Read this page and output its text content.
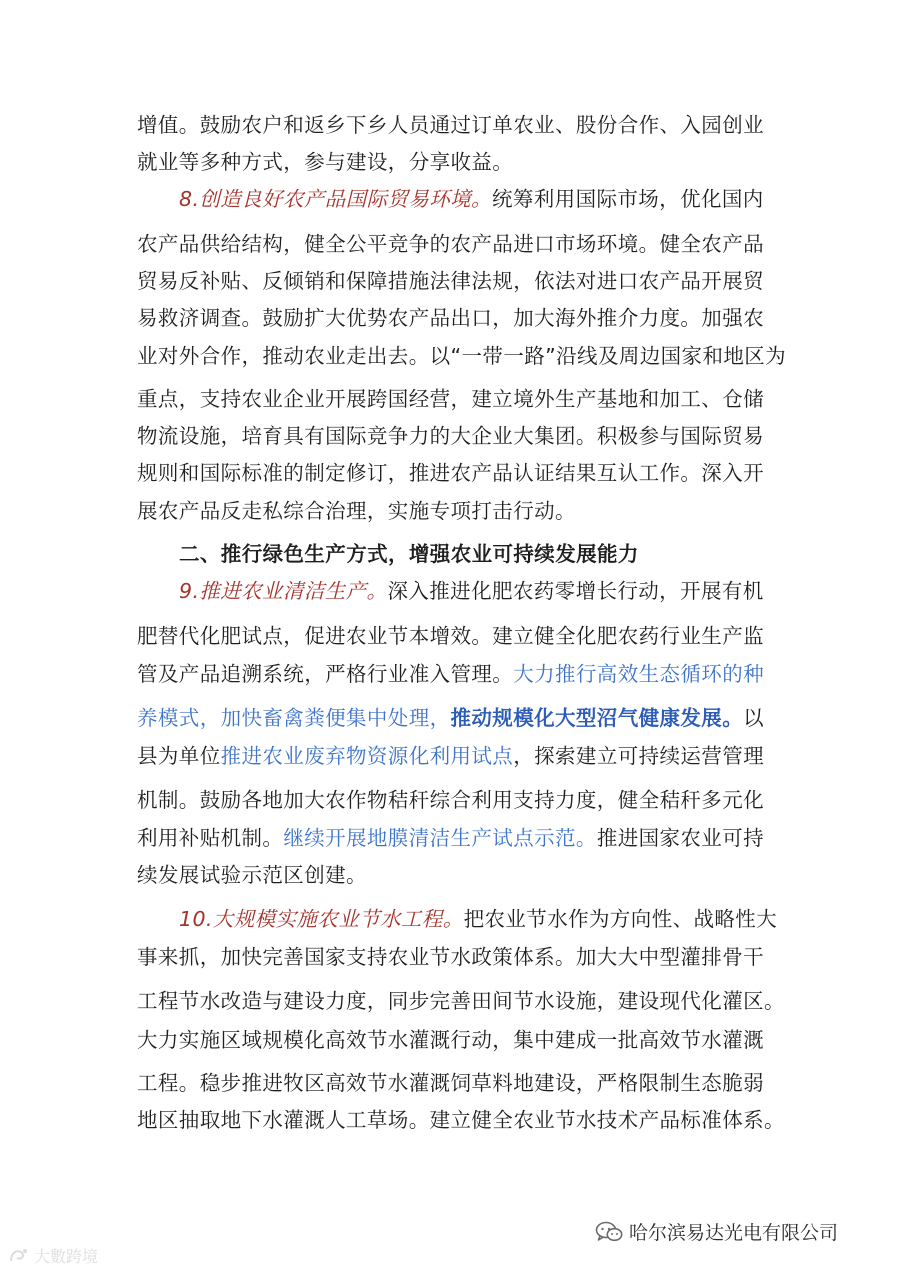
增值。鼓励农户和返乡下乡人员通过订单农业、股份合作、入园创业
就业等多种方式，参与建设，分享收益。
8.创造良好农产品国际贸易环境。统筹利用国际市场，优化国内
农产品供给结构，健全公平竞争的农产品进口市场环境。健全农产品
贸易反补贴、反倾销和保障措施法律法规，依法对进口农产品开展贸
易救济调查。鼓励扩大优势农产品出口，加大海外推介力度。加强农
业对外合作，推动农业走出去。以“一带一路”沿线及周边国家和地区为
重点，支持农业企业开展跨国经营，建立境外生产基地和加工、仓储
物流设施，培育具有国际竞争力的大企业大集团。积极参与国际贸易
规则和国际标准的制定修订，推进农产品认证结果互认工作。深入开
展农产品反走私综合治理，实施专项打击行动。
二、推行绿色生产方式，增强农业可持续发展能力
9.推进农业清洁生产。深入推进化肥农药零增长行动，开展有机
肥替代化肥试点，促进农业节本增效。建立健全化肥农药行业生产监
管及产品追溯系统，严格行业准入管理。大力推行高效生态循环的种
养模式，加快畜禽粪便集中处理，推动规模化大型沼气健康发展。以
县为单位推进农业废弃物资源化利用试点，探索建立可持续运营管理
机制。鼓励各地加大农作物秸秆综合利用支持力度，健全秸秆多元化
利用补贴机制。继续开展地膜清洁生产试点示范。推进国家农业可持
续发展试验示范区创建。
10.大规模实施农业节水工程。把农业节水作为方向性、战略性大
事来抓，加快完善国家支持农业节水政策体系。加大大中型灌排骨干
工程节水改造与建设力度，同步完善田间节水设施，建设现代化灌区。
大力实施区域规模化高效节水灌溉行动，集中建成一批高效节水灌溉
工程。稳步推进牧区高效节水灌溉饲草料地建设，严格限制生态脆弱
地区抽取地下水灌溉人工草场。建立健全农业节水技术产品标准体系。
哈尔滨易达光电有限公司
大數跨境
